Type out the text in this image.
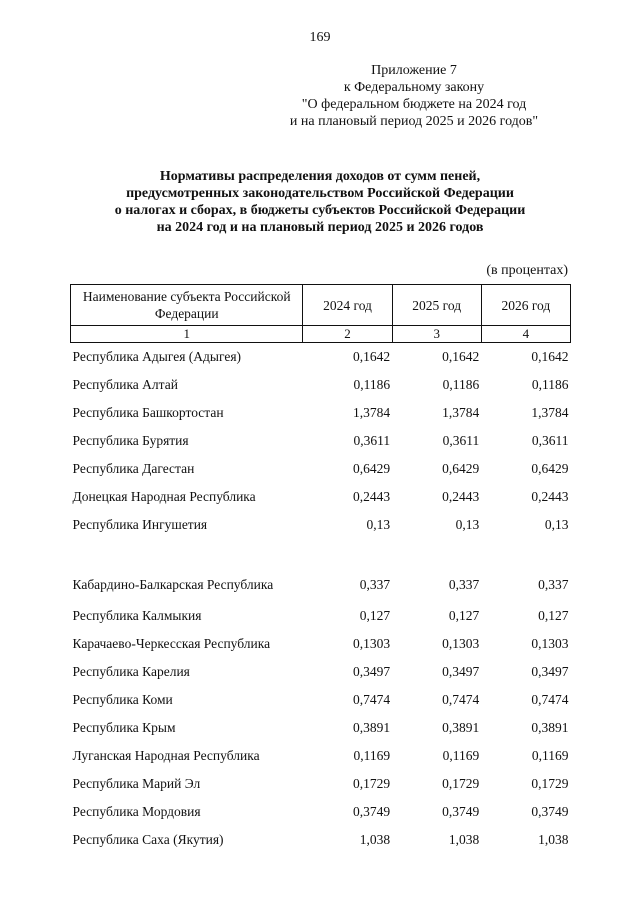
169
Приложение 7
к Федеральному закону
"О федеральном бюджете на 2024 год
и на плановый период 2025 и 2026 годов"
Нормативы распределения доходов от сумм пеней,
предусмотренных законодательством Российской Федерации
о налогах и сборах, в бюджеты субъектов Российской Федерации
на 2024 год и на плановый период 2025 и 2026 годов
(в процентах)
Наименование субъекта Российской Федерации	2024 год	2025 год	2026 год
1	2	3	4
Республика Адыгея (Адыгея)	0,1642	0,1642	0,1642
Республика Алтай	0,1186	0,1186	0,1186
Республика Башкортостан	1,3784	1,3784	1,3784
Республика Бурятия	0,3611	0,3611	0,3611
Республика Дагестан	0,6429	0,6429	0,6429
Донецкая Народная Республика	0,2443	0,2443	0,2443
Республика Ингушетия	0,13	0,13	0,13
Кабардино-Балкарская Республика	0,337	0,337	0,337
Республика Калмыкия	0,127	0,127	0,127
Карачаево-Черкесская Республика	0,1303	0,1303	0,1303
Республика Карелия	0,3497	0,3497	0,3497
Республика Коми	0,7474	0,7474	0,7474
Республика Крым	0,3891	0,3891	0,3891
Луганская Народная Республика	0,1169	0,1169	0,1169
Республика Марий Эл	0,1729	0,1729	0,1729
Республика Мордовия	0,3749	0,3749	0,3749
Республика Саха (Якутия)	1,038	1,038	1,038
